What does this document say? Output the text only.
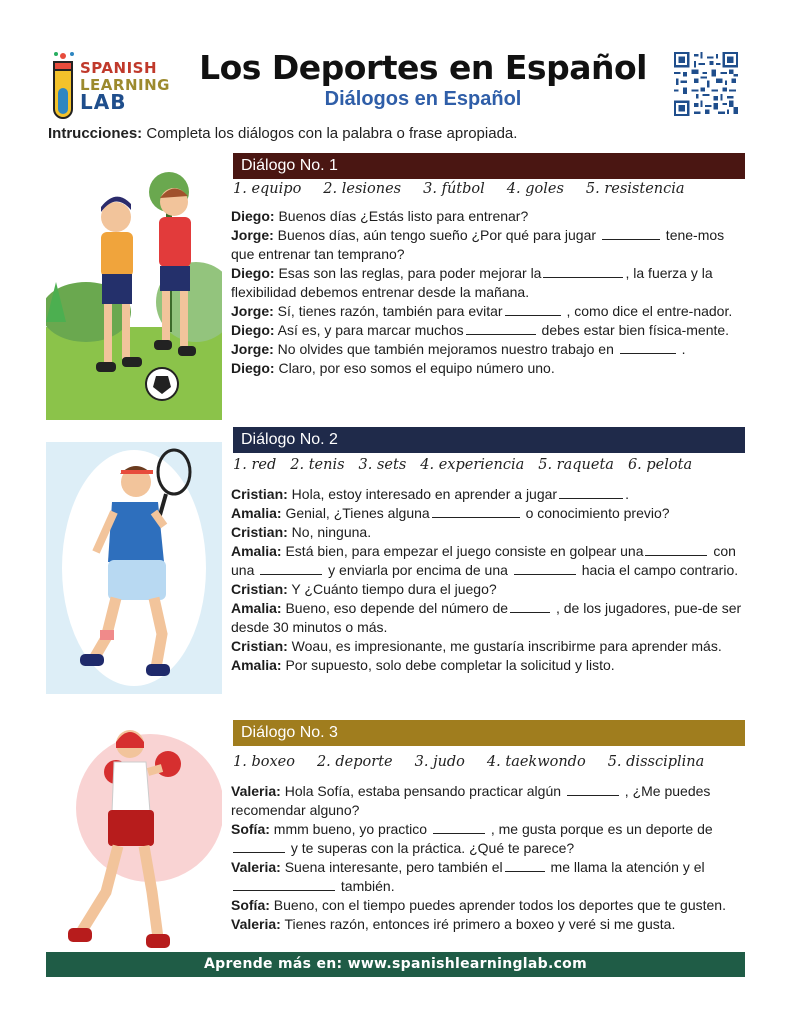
SPANISH
LEARNING
LAB
Los Deportes en Español
Diálogos en Español
Intrucciones: Completa los diálogos con la palabra o frase apropiada.
Diálogo No. 1
1. equipo 2. lesiones 3. fútbol 4. goles 5. resistencia

Diego: Buenos días ¿Estás listo para entrenar?

Jorge: Buenos días, aún tengo sueño ¿Por qué para jugar	tene-mos que entrenar tan temprano?

Diego: Esas son las reglas, para poder mejorar la	, la fuerza y la flexibilidad debemos entrenar desde la mañana.

Jorge: Sí, tienes razón, también para evitar	, como dice el entre-nador.

Diego: Así es, y para marcar muchos	debes estar bien física-mente.

Jorge: No olvides que también mejoramos nuestro trabajo en	.

Diego: Claro, por eso somos el equipo número uno.

Diálogo No. 2
1. red 2. tenis 3. sets 4. experiencia 5. raqueta 6. pelota

Cristian: Hola, estoy interesado en aprender a jugar	.

Amalia: Genial, ¿Tienes alguna	o conocimiento previo?

Cristian: No, ninguna.

Amalia: Está bien, para empezar el juego consiste en golpear una	con una	y enviarla por encima de una	hacia el campo contrario.

Cristian: Y ¿Cuánto tiempo dura el juego?

Amalia: Bueno, eso depende del número de	, de los jugadores, pue-de ser desde 30 minutos o más.

Cristian: Woau, es impresionante, me gustaría inscribirme para aprender más.

Amalia: Por supuesto, solo debe completar la solicitud y listo.

Diálogo No. 3
1. boxeo 2. deporte 3. judo 4. taekwondo 5. dissciplina

Valeria: Hola Sofía, estaba pensando practicar algún	, ¿Me puedes recomendar alguno?

Sofía: mmm bueno, yo practico	, me gusta porque es un deporte de  y te superas con la práctica. ¿Qué te parece?

Valeria: Suena interesante, pero también el	me llama la atención y el también.

Sofía: Bueno, con el tiempo puedes aprender todos los deportes que te gusten.

Valeria: Tienes razón, entonces iré primero a boxeo y veré si me gusta.

Aprende más en: www.spanishlearninglab.com
